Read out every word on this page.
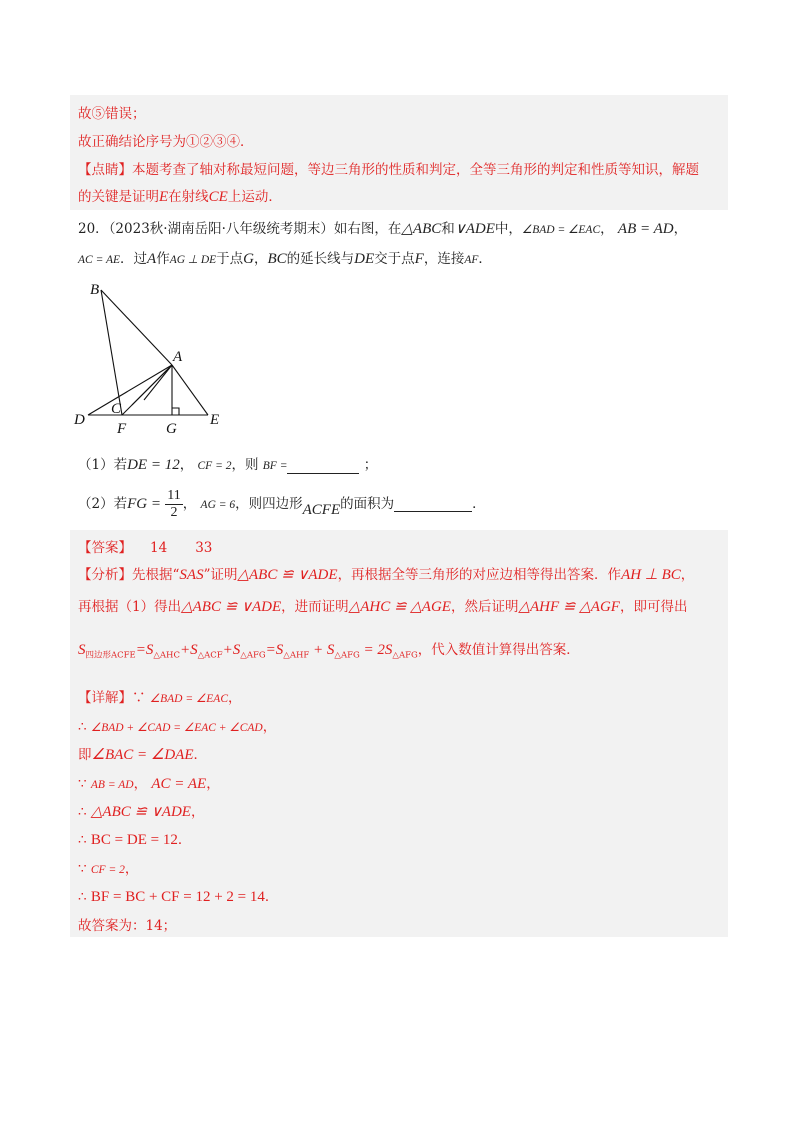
故⑤错误；
故正确结论序号为①②③④．
【点睛】本题考查了轴对称最短问题，等边三角形的性质和判定，全等三角形的判定和性质等知识，解题
的关键是证明E在射线CE上运动．
20．（2023秋·湖南岳阳·八年级统考期末）如右图，在△ABC和∨ADE中，∠BAD = ∠EAC， AB = AD，
AC = AE．过A作AG ⊥ DE于点G，BC的延长线与DE交于点F，连接AF．
B
A
C
D
F	G
E
（1）若DE = 12， CF = 2，则 BF =	；
（2）若FG = $\frac{11}{2}$ ， AG = 6，则四边形ACFE的面积为	．
【答案】 14 33
【分析】先根据“SAS”证明△ABC ≌ ∨ADE，再根据全等三角形的对应边相等得出答案．作AH ⊥ BC，
再根据（1）得出△ABC ≌ ∨ADE，进而证明△AHC ≌ △AGE，然后证明△AHF ≌ △AGF，即可得出
$S_{四边形ACFE}=S_{\triangle AHC}+S_{\triangle ACF}+S_{\triangle AFG}=S_{\triangle AHF} + S_{\triangle AFG} = 2S_{\triangle AFG}$，代入数值计算得出答案．
【详解】∵ ∠BAD = ∠EAC，
∴ ∠BAD + ∠CAD = ∠EAC + ∠CAD，
即∠BAC = ∠DAE．
∵ AB = AD， AC = AE，
∴ △ABC ≌ ∨ADE，
∴ BC = DE = 12．
∵ CF = 2，
∴ BF = BC + CF = 12 + 2 = 14．
故答案为：14；
